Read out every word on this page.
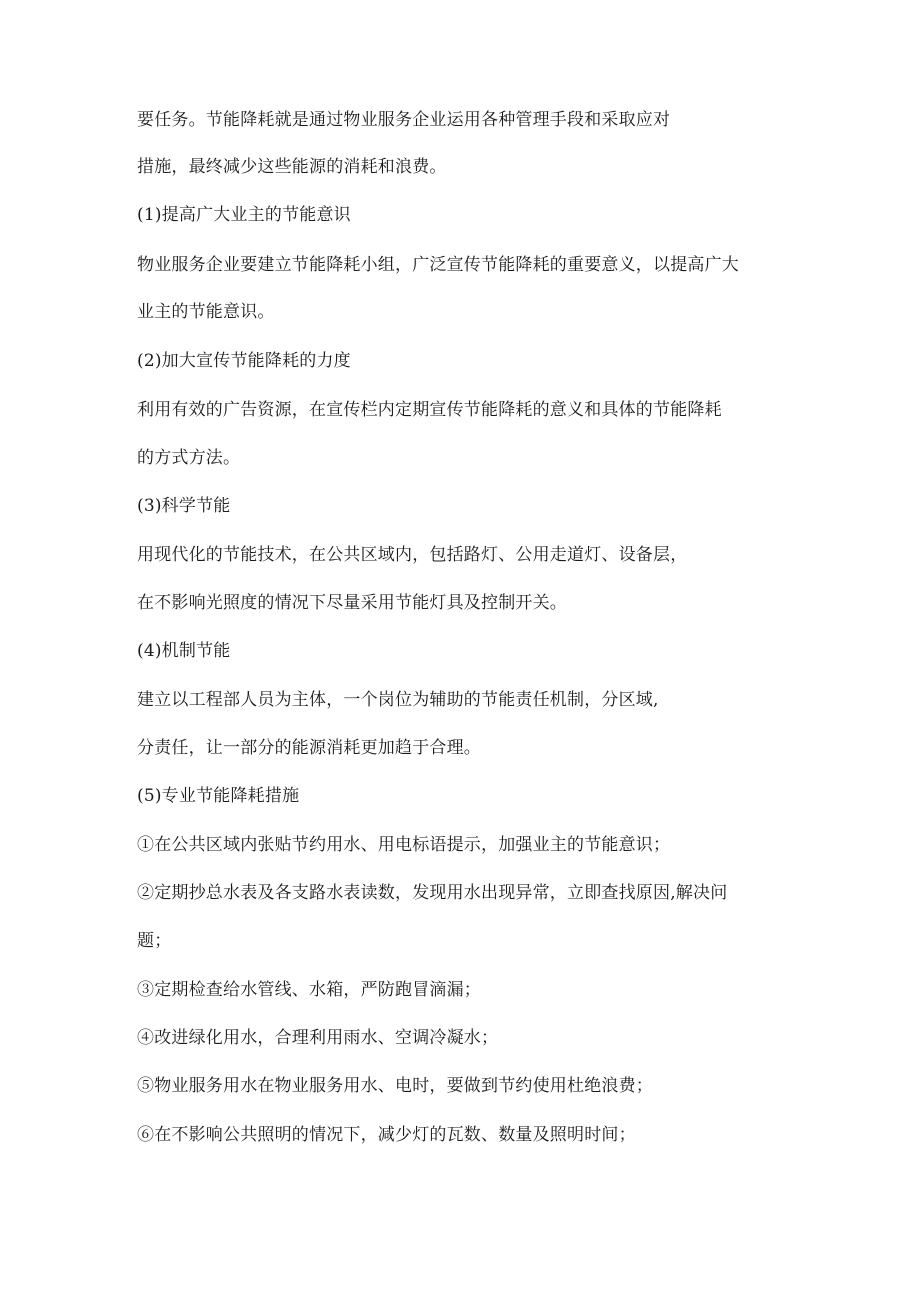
要任务。节能降耗就是通过物业服务企业运用各种管理手段和采取应对
措施，最终减少这些能源的消耗和浪费。
(1)提高广大业主的节能意识
物业服务企业要建立节能降耗小组，广泛宣传节能降耗的重要意义，以提高广大
业主的节能意识。
(2)加大宣传节能降耗的力度
利用有效的广告资源，在宣传栏内定期宣传节能降耗的意义和具体的节能降耗
的方式方法。
(3)科学节能
用现代化的节能技术，在公共区域内，包括路灯、公用走道灯、设备层，
在不影响光照度的情况下尽量采用节能灯具及控制开关。
(4)机制节能
建立以工程部人员为主体，一个岗位为辅助的节能责任机制，分区域,
分责任，让一部分的能源消耗更加趋于合理。
(5)专业节能降耗措施
①在公共区域内张贴节约用水、用电标语提示，加强业主的节能意识；
②定期抄总水表及各支路水表读数，发现用水出现异常，立即查找原因,解决问
题；
③定期检查给水管线、水箱，严防跑冒滴漏；
④改进绿化用水，合理利用雨水、空调冷凝水；
⑤物业服务用水在物业服务用水、电时，要做到节约使用杜绝浪费；
⑥在不影响公共照明的情况下，减少灯的瓦数、数量及照明时间；
